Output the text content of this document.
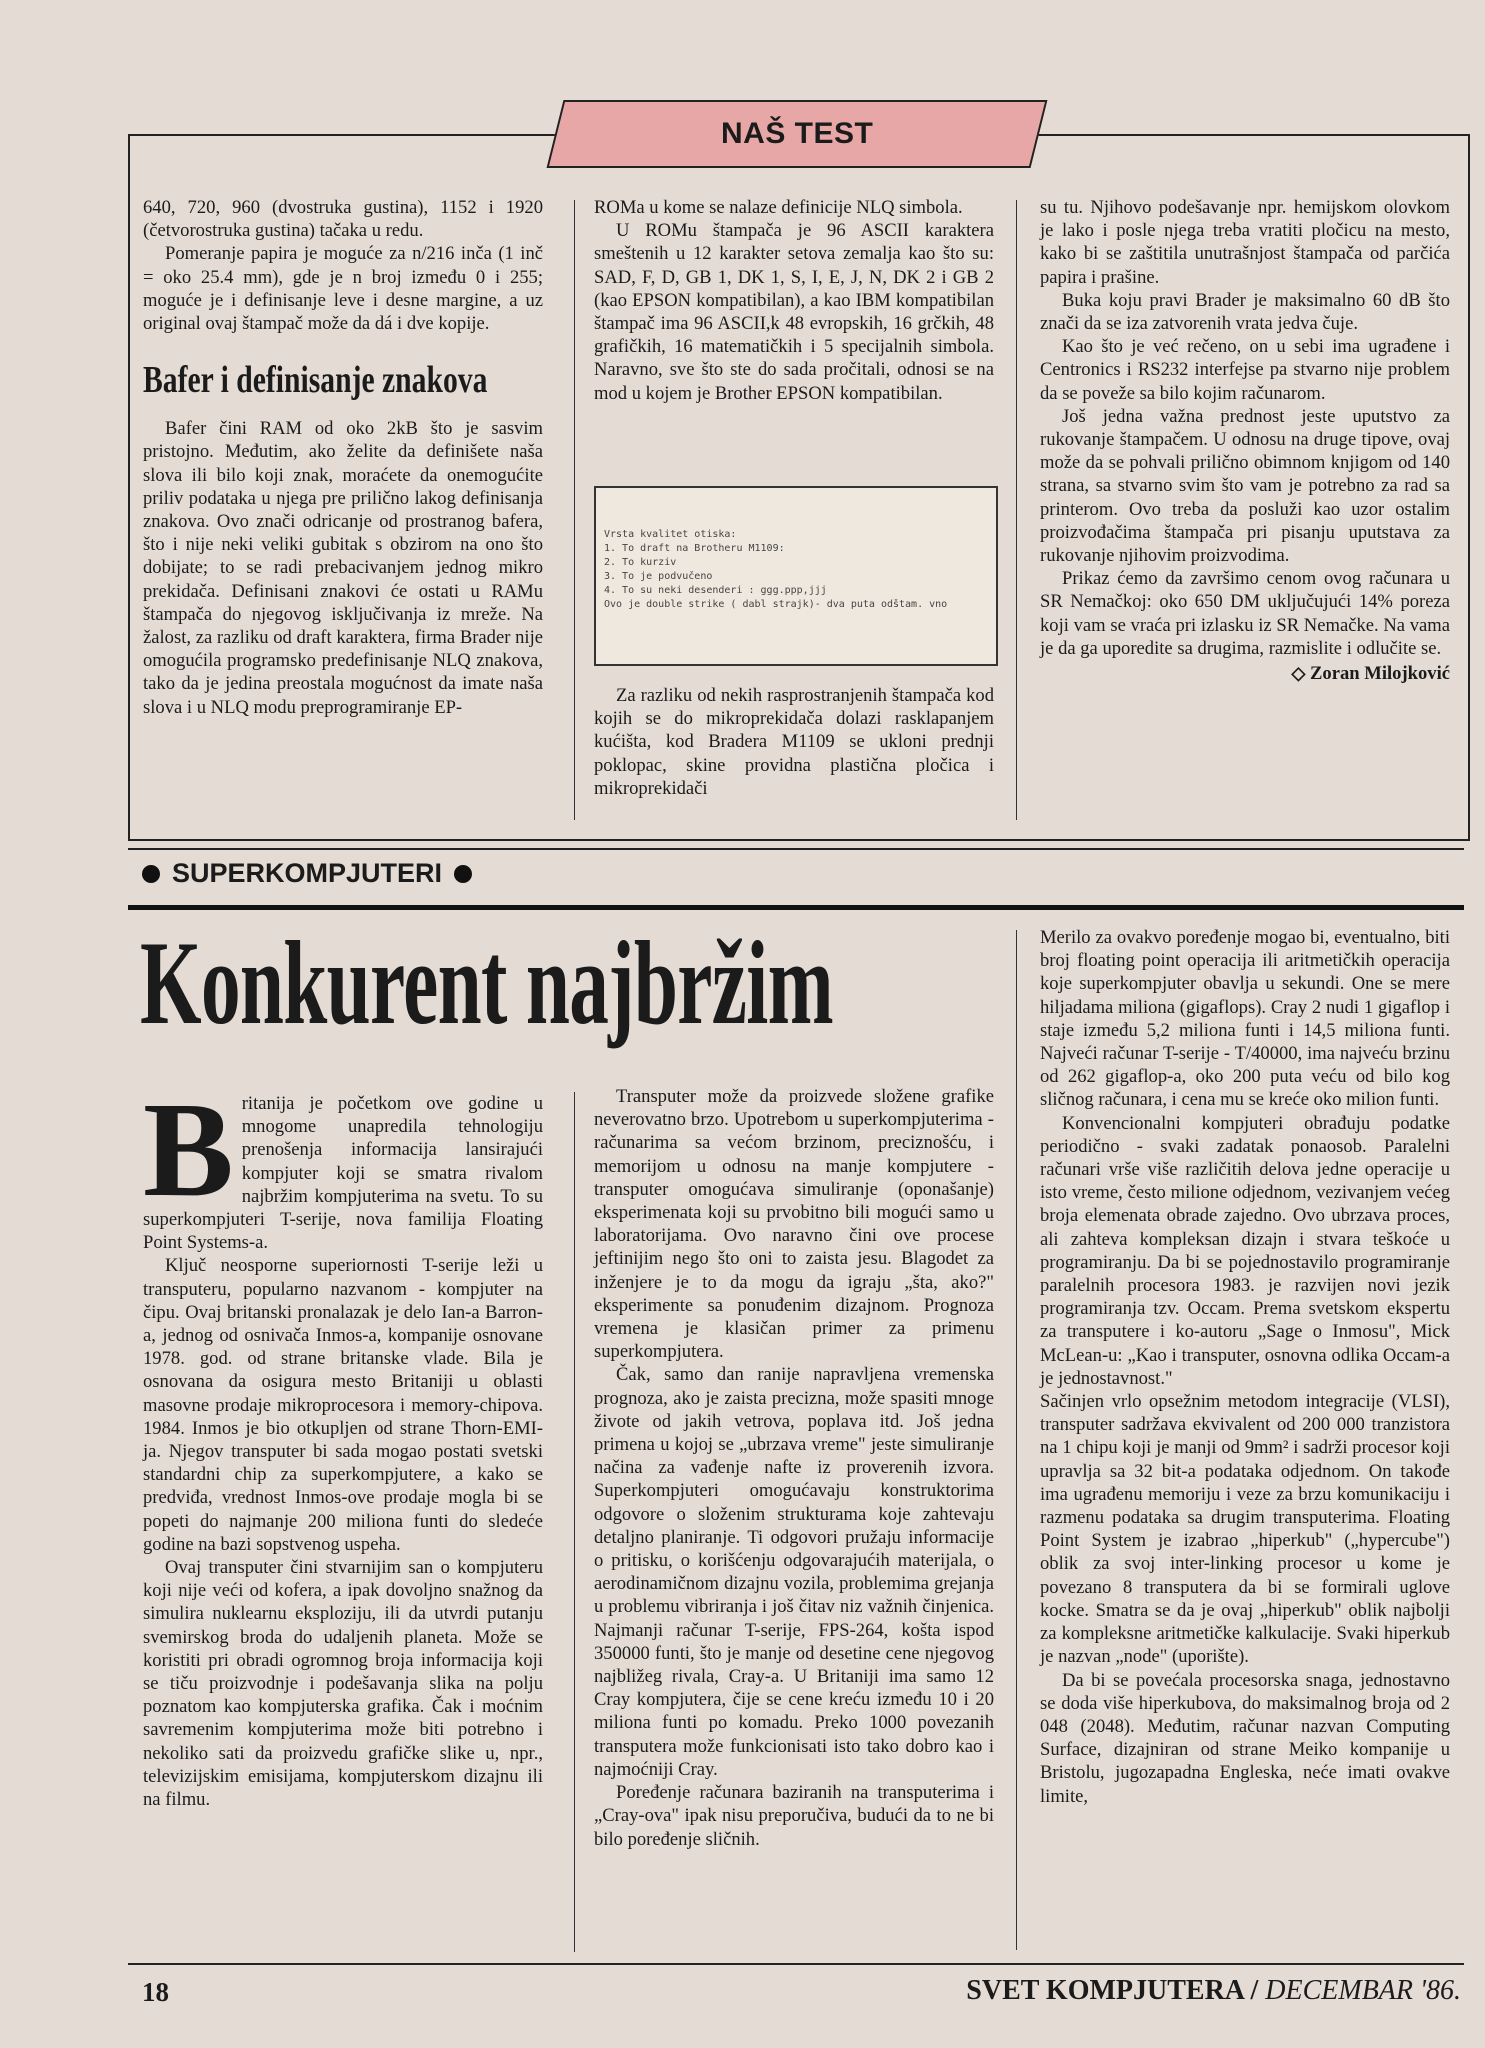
NAŠ TEST

640, 720, 960 (dvostruka gustina), 1152 i 1920 (četvorostruka gustina) tačaka u redu.

Pomeranje papira je moguće za n/216 inča (1 inč = oko 25.4 mm), gde je n broj između 0 i 255; moguće je i definisanje leve i desne margine, a uz original ovaj štampač može da dá i dve kopije.

Bafer i definisanje znakova

Bafer čini RAM od oko 2kB što je sasvim pristojno. Međutim, ako želite da definišete naša slova ili bilo koji znak, moraćete da onemogućite priliv podataka u njega pre prilično lakog definisanja znakova. Ovo znači odricanje od prostranog bafera, što i nije neki veliki gubitak s obzirom na ono što dobijate; to se radi prebacivanjem jednog mikro prekidača. Definisani znakovi će ostati u RAMu štampača do njegovog isključivanja iz mreže. Na žalost, za razliku od draft karaktera, firma Brader nije omogućila programsko predefinisanje NLQ znakova, tako da je jedina preostala mogućnost da imate naša slova i u NLQ modu preprogramiranje EP-

ROMa u kome se nalaze definicije NLQ simbola.

U ROMu štampača je 96 ASCII karaktera smeštenih u 12 karakter setova zemalja kao što su: SAD, F, D, GB 1, DK 1, S, I, E, J, N, DK 2 i GB 2 (kao EPSON kompatibilan), a kao IBM kompatibilan štampač ima 96 ASCII,k 48 evropskih, 16 grčkih, 48 grafičkih, 16 matematičkih i 5 specijalnih simbola. Naravno, sve što ste do sada pročitali, odnosi se na mod u kojem je Brother EPSON kompatibilan.

Vrsta kvalitet otiska:
1. To draft na Brotheru M1109:
2. To kurziv
3. To je podvučeno
4. To su neki desenderi : ggg.ppp,jjj
Ovo je double strike ( dabl strajk)- dva puta odštam. vno

Za razliku od nekih rasprostranjenih štampača kod kojih se do mikroprekidača dolazi rasklapanjem kućišta, kod Bradera M1109 se ukloni prednji poklopac, skine providna plastična pločica i mikroprekidači

su tu. Njihovo podešavanje npr. hemijskom olovkom je lako i posle njega treba vratiti pločicu na mesto, kako bi se zaštitila unutrašnjost štampača od parčića papira i prašine.

Buka koju pravi Brader je maksimalno 60 dB što znači da se iza zatvorenih vrata jedva čuje.

Kao što je već rečeno, on u sebi ima ugrađene i Centronics i RS232 interfejse pa stvarno nije problem da se poveže sa bilo kojim računarom.

Još jedna važna prednost jeste uputstvo za rukovanje štampačem. U odnosu na druge tipove, ovaj može da se pohvali prilično obimnom knjigom od 140 strana, sa stvarno svim što vam je potrebno za rad sa printerom. Ovo treba da posluži kao uzor ostalim proizvođačima štampača pri pisanju uputstava za rukovanje njihovim proizvodima.

Prikaz ćemo da završimo cenom ovog računara u SR Nemačkoj: oko 650 DM uključujući 14% poreza koji vam se vraća pri izlasku iz SR Nemačke. Na vama je da ga uporedite sa drugima, razmislite i odlučite se.

◇ Zoran Milojković
SUPERKOMPJUTERI
Konkurent najbržim

Britanija je početkom ove godine u mnogome unapredila tehnologiju prenošenja informacija lansirajući kompjuter koji se smatra rivalom najbržim kompjuterima na svetu. To su superkompjuteri T-serije, nova familija Floating Point Systems-a.

Ključ neosporne superiornosti T-serije leži u transputeru, popularno nazvanom - kompjuter na čipu. Ovaj britanski pronalazak je delo Ian-a Barron-a, jednog od osnivača Inmos-a, kompanije osnovane 1978. god. od strane britanske vlade. Bila je osnovana da osigura mesto Britaniji u oblasti masovne prodaje mikroprocesora i memory-chipova. 1984. Inmos je bio otkupljen od strane Thorn-EMI-ja. Njegov transputer bi sada mogao postati svetski standardni chip za superkompjutere, a kako se predviđa, vrednost Inmos-ove prodaje mogla bi se popeti do najmanje 200 miliona funti do sledeće godine na bazi sopstvenog uspeha.

Ovaj transputer čini stvarnijim san o kompjuteru koji nije veći od kofera, a ipak dovoljno snažnog da simulira nuklearnu eksploziju, ili da utvrdi putanju svemirskog broda do udaljenih planeta. Može se koristiti pri obradi ogromnog broja informacija koji se tiču proizvodnje i podešavanja slika na polju poznatom kao kompjuterska grafika. Čak i moćnim savremenim kompjuterima može biti potrebno i nekoliko sati da proizvedu grafičke slike u, npr., televizijskim emisijama, kompjuterskom dizajnu ili na filmu.

Transputer može da proizvede složene grafike neverovatno brzo. Upotrebom u superkompjuterima - računarima sa većom brzinom, preciznošću, i memorijom u odnosu na manje kompjutere - transputer omogućava simuliranje (oponašanje) eksperimenata koji su prvobitno bili mogući samo u laboratorijama. Ovo naravno čini ove procese jeftinijim nego što oni to zaista jesu. Blagodet za inženjere je to da mogu da igraju „šta, ako?" eksperimente sa ponuđenim dizajnom. Prognoza vremena je klasičan primer za primenu superkompjutera.

Čak, samo dan ranije napravljena vremenska prognoza, ako je zaista precizna, može spasiti mnoge živote od jakih vetrova, poplava itd. Još jedna primena u kojoj se „ubrzava vreme" jeste simuliranje načina za vađenje nafte iz proverenih izvora. Superkompjuteri omogućavaju konstruktorima odgovore o složenim strukturama koje zahtevaju detaljno planiranje. Ti odgovori pružaju informacije o pritisku, o korišćenju odgovarajućih materijala, o aerodinamičnom dizajnu vozila, problemima grejanja u problemu vibriranja i još čitav niz važnih činjenica. Najmanji računar T-serije, FPS-264, košta ispod 350000 funti, što je manje od desetine cene njegovog najbližeg rivala, Cray-a. U Britaniji ima samo 12 Cray kompjutera, čije se cene kreću između 10 i 20 miliona funti po komadu. Preko 1000 povezanih transputera može funkcionisati isto tako dobro kao i najmoćniji Cray.

Poređenje računara baziranih na transputerima i „Cray-ova" ipak nisu preporučiva, budući da to ne bi bilo poređenje sličnih.

Merilo za ovakvo poređenje mogao bi, eventualno, biti broj floating point operacija ili aritmetičkih operacija koje superkompjuter obavlja u sekundi. One se mere hiljadama miliona (gigaflops). Cray 2 nudi 1 gigaflop i staje između 5,2 miliona funti i 14,5 miliona funti. Najveći računar T-serije - T/40000, ima najveću brzinu od 262 gigaflop-a, oko 200 puta veću od bilo kog sličnog računara, i cena mu se kreće oko milion funti.

Konvencionalni kompjuteri obrađuju podatke periodično - svaki zadatak ponaosob. Paralelni računari vrše više različitih delova jedne operacije u isto vreme, često milione odjednom, vezivanjem većeg broja elemenata obrade zajedno. Ovo ubrzava proces, ali zahteva kompleksan dizajn i stvara teškoće u programiranju. Da bi se pojednostavilo programiranje paralelnih procesora 1983. je razvijen novi jezik programiranja tzv. Occam. Prema svetskom ekspertu za transputere i ko-autoru „Sage o Inmosu", Mick McLean-u: „Kao i transputer, osnovna odlika Occam-a je jednostavnost."

Sačinjen vrlo opsežnim metodom integracije (VLSI), transputer sadržava ekvivalent od 200 000 tranzistora na 1 chipu koji je manji od 9mm² i sadrži procesor koji upravlja sa 32 bit-a podataka odjednom. On takođe ima ugrađenu memoriju i veze za brzu komunikaciju i razmenu podataka sa drugim transputerima. Floating Point System je izabrao „hiperkub" („hypercube") oblik za svoj inter-linking procesor u kome je povezano 8 transputera da bi se formirali uglove kocke. Smatra se da je ovaj „hiperkub" oblik najbolji za kompleksne aritmetičke kalkulacije. Svaki hiperkub je nazvan „node" (uporište).

Da bi se povećala procesorska snaga, jednostavno se doda više hiperkubova, do maksimalnog broja od 2 048 (2048). Međutim, računar nazvan Computing Surface, dizajniran od strane Meiko kompanije u Bristolu, jugozapadna Engleska, neće imati ovakve limite,

18	SVET KOMPJUTERA / DECEMBAR '86.
